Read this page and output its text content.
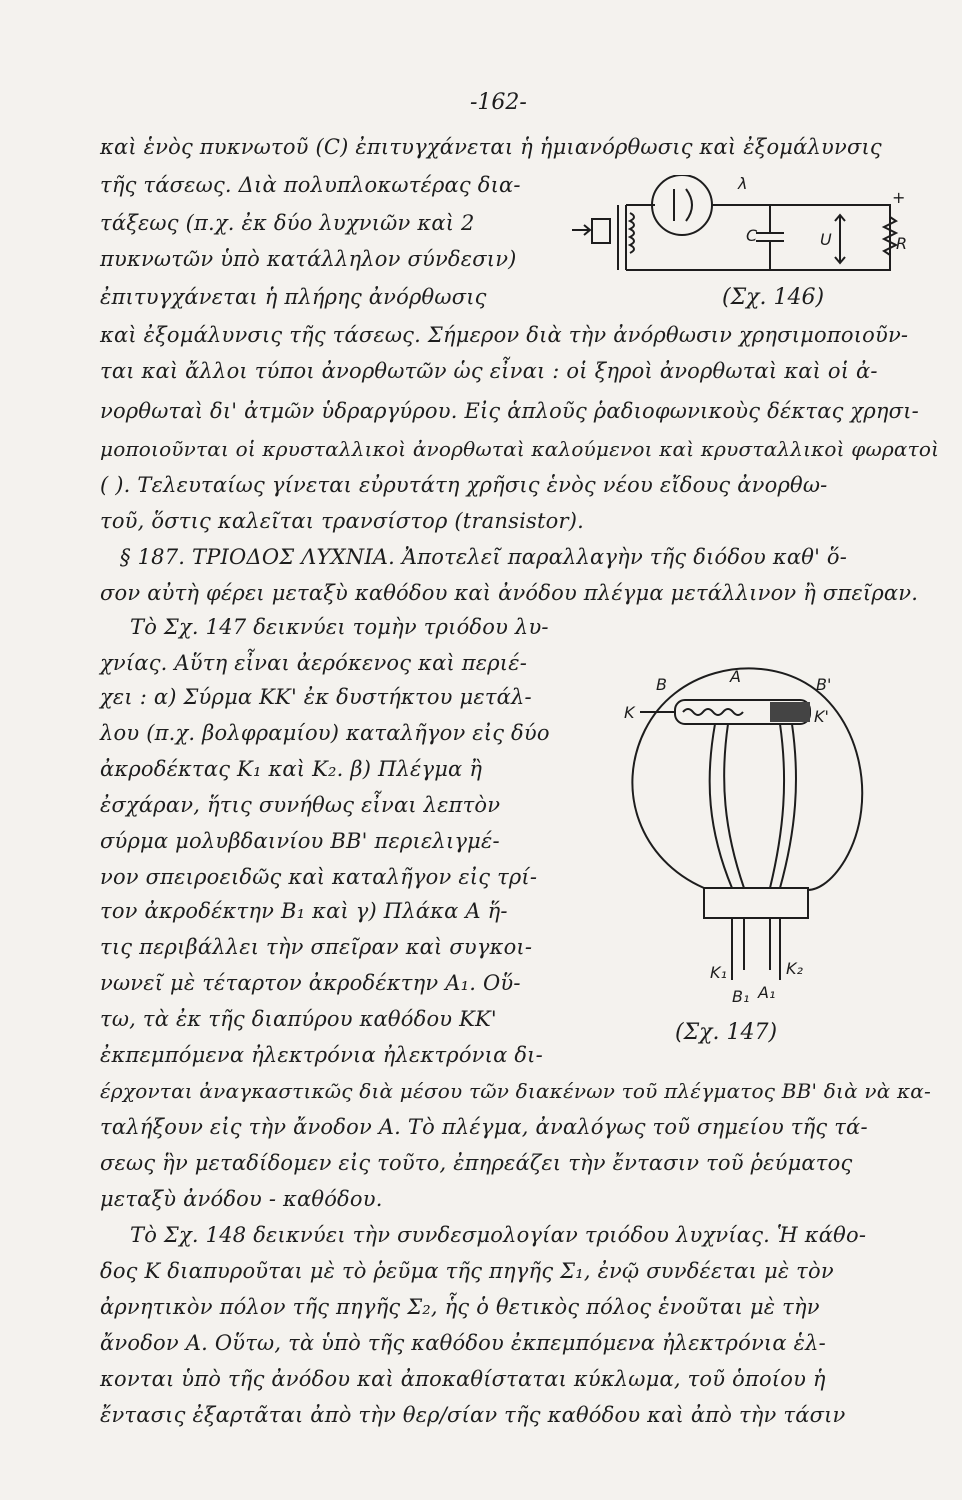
-162-
λ
C	U	R
+
(Σχ. 146)
B	A	B'
K	K'
K₁	K₂
B₁ A₁
(Σχ. 147)
καὶ ἑνὸς πυκνωτοῦ (C) ἐπιτυγχάνεται ἡ ἡμιανόρθωσις καὶ ἐξομάλυνσις
τῆς τάσεως. Διὰ πολυπλοκωτέρας δια-
τάξεως (π.χ. ἐκ δύο λυχνιῶν καὶ 2
πυκνωτῶν ὑπὸ κατάλληλον σύνδεσιν)
ἐπιτυγχάνεται ἡ πλήρης ἀνόρθωσις
καὶ ἐξομάλυνσις τῆς τάσεως. Σήμερον διὰ τὴν ἀνόρθωσιν χρησιμοποιοῦν-
ται καὶ ἄλλοι τύποι ἀνορθωτῶν ὡς εἶναι : οἱ ξηροὶ ἀνορθωταὶ καὶ οἱ ἀ-
νορθωταὶ δι' ἀτμῶν ὑδραργύρου. Εἰς ἁπλοῦς ῥαδιοφωνικοὺς δέκτας χρησι-
μοποιοῦνται οἱ κρυσταλλικοὶ ἀνορθωταὶ καλούμενοι καὶ κρυσταλλικοὶ φωρατοὶ
( ). Τελευταίως γίνεται εὐρυτάτη χρῆσις ἑνὸς νέου εἴδους ἀνορθω-
τοῦ, ὅστις καλεῖται τρανσίστορ (transistor).
§ 187. ΤΡΙΟΔΟΣ ΛΥΧΝΙΑ. Ἀποτελεῖ παραλλαγὴν τῆς διόδου καθ' ὅ-
σον αὐτὴ φέρει μεταξὺ καθόδου καὶ ἀνόδου πλέγμα μετάλλινον ἢ σπεῖραν.
Τὸ Σχ. 147 δεικνύει τομὴν τριόδου λυ-
χνίας. Αὕτη εἶναι ἀερόκενος καὶ περιέ-
χει : α) Σύρμα ΚΚ' ἐκ δυστήκτου μετάλ-
λου (π.χ. βολφραμίου) καταλῆγον εἰς δύο
ἀκροδέκτας Κ₁ καὶ Κ₂. β) Πλέγμα ἢ
ἐσχάραν, ἥτις συνήθως εἶναι λεπτὸν
σύρμα μολυβδαινίου ΒΒ' περιελιγμέ-
νον σπειροειδῶς καὶ καταλῆγον εἰς τρί-
τον ἀκροδέκτην Β₁ καὶ γ) Πλάκα Α ἥ-
τις περιβάλλει τὴν σπεῖραν καὶ συγκοι-
νωνεῖ μὲ τέταρτον ἀκροδέκτην Α₁. Οὕ-
τω, τὰ ἐκ τῆς διαπύρου καθόδου ΚΚ'
ἐκπεμπόμενα ἠλεκτρόνια ἠλεκτρόνια δι-
έρχονται ἀναγκαστικῶς διὰ μέσου τῶν διακένων τοῦ πλέγματος ΒΒ' διὰ νὰ κα-
ταλήξουν εἰς τὴν ἄνοδον Α. Τὸ πλέγμα, ἀναλόγως τοῦ σημείου τῆς τά-
σεως ἣν μεταδίδομεν εἰς τοῦτο, ἐπηρεάζει τὴν ἔντασιν τοῦ ῥεύματος
μεταξὺ ἀνόδου - καθόδου.
Τὸ Σχ. 148 δεικνύει τὴν συνδεσμολογίαν τριόδου λυχνίας. Ἡ κάθο-
δος Κ διαπυροῦται μὲ τὸ ῥεῦμα τῆς πηγῆς Σ₁, ἐνῷ συνδέεται μὲ τὸν
ἀρνητικὸν πόλον τῆς πηγῆς Σ₂, ἧς ὁ θετικὸς πόλος ἑνοῦται μὲ τὴν
ἄνοδον Α. Οὕτω, τὰ ὑπὸ τῆς καθόδου ἐκπεμπόμενα ἠλεκτρόνια ἑλ-
κονται ὑπὸ τῆς ἀνόδου καὶ ἀποκαθίσταται κύκλωμα, τοῦ ὁποίου ἡ
ἔντασις ἐξαρτᾶται ἀπὸ τὴν θερ/σίαν τῆς καθόδου καὶ ἀπὸ τὴν τάσιν
